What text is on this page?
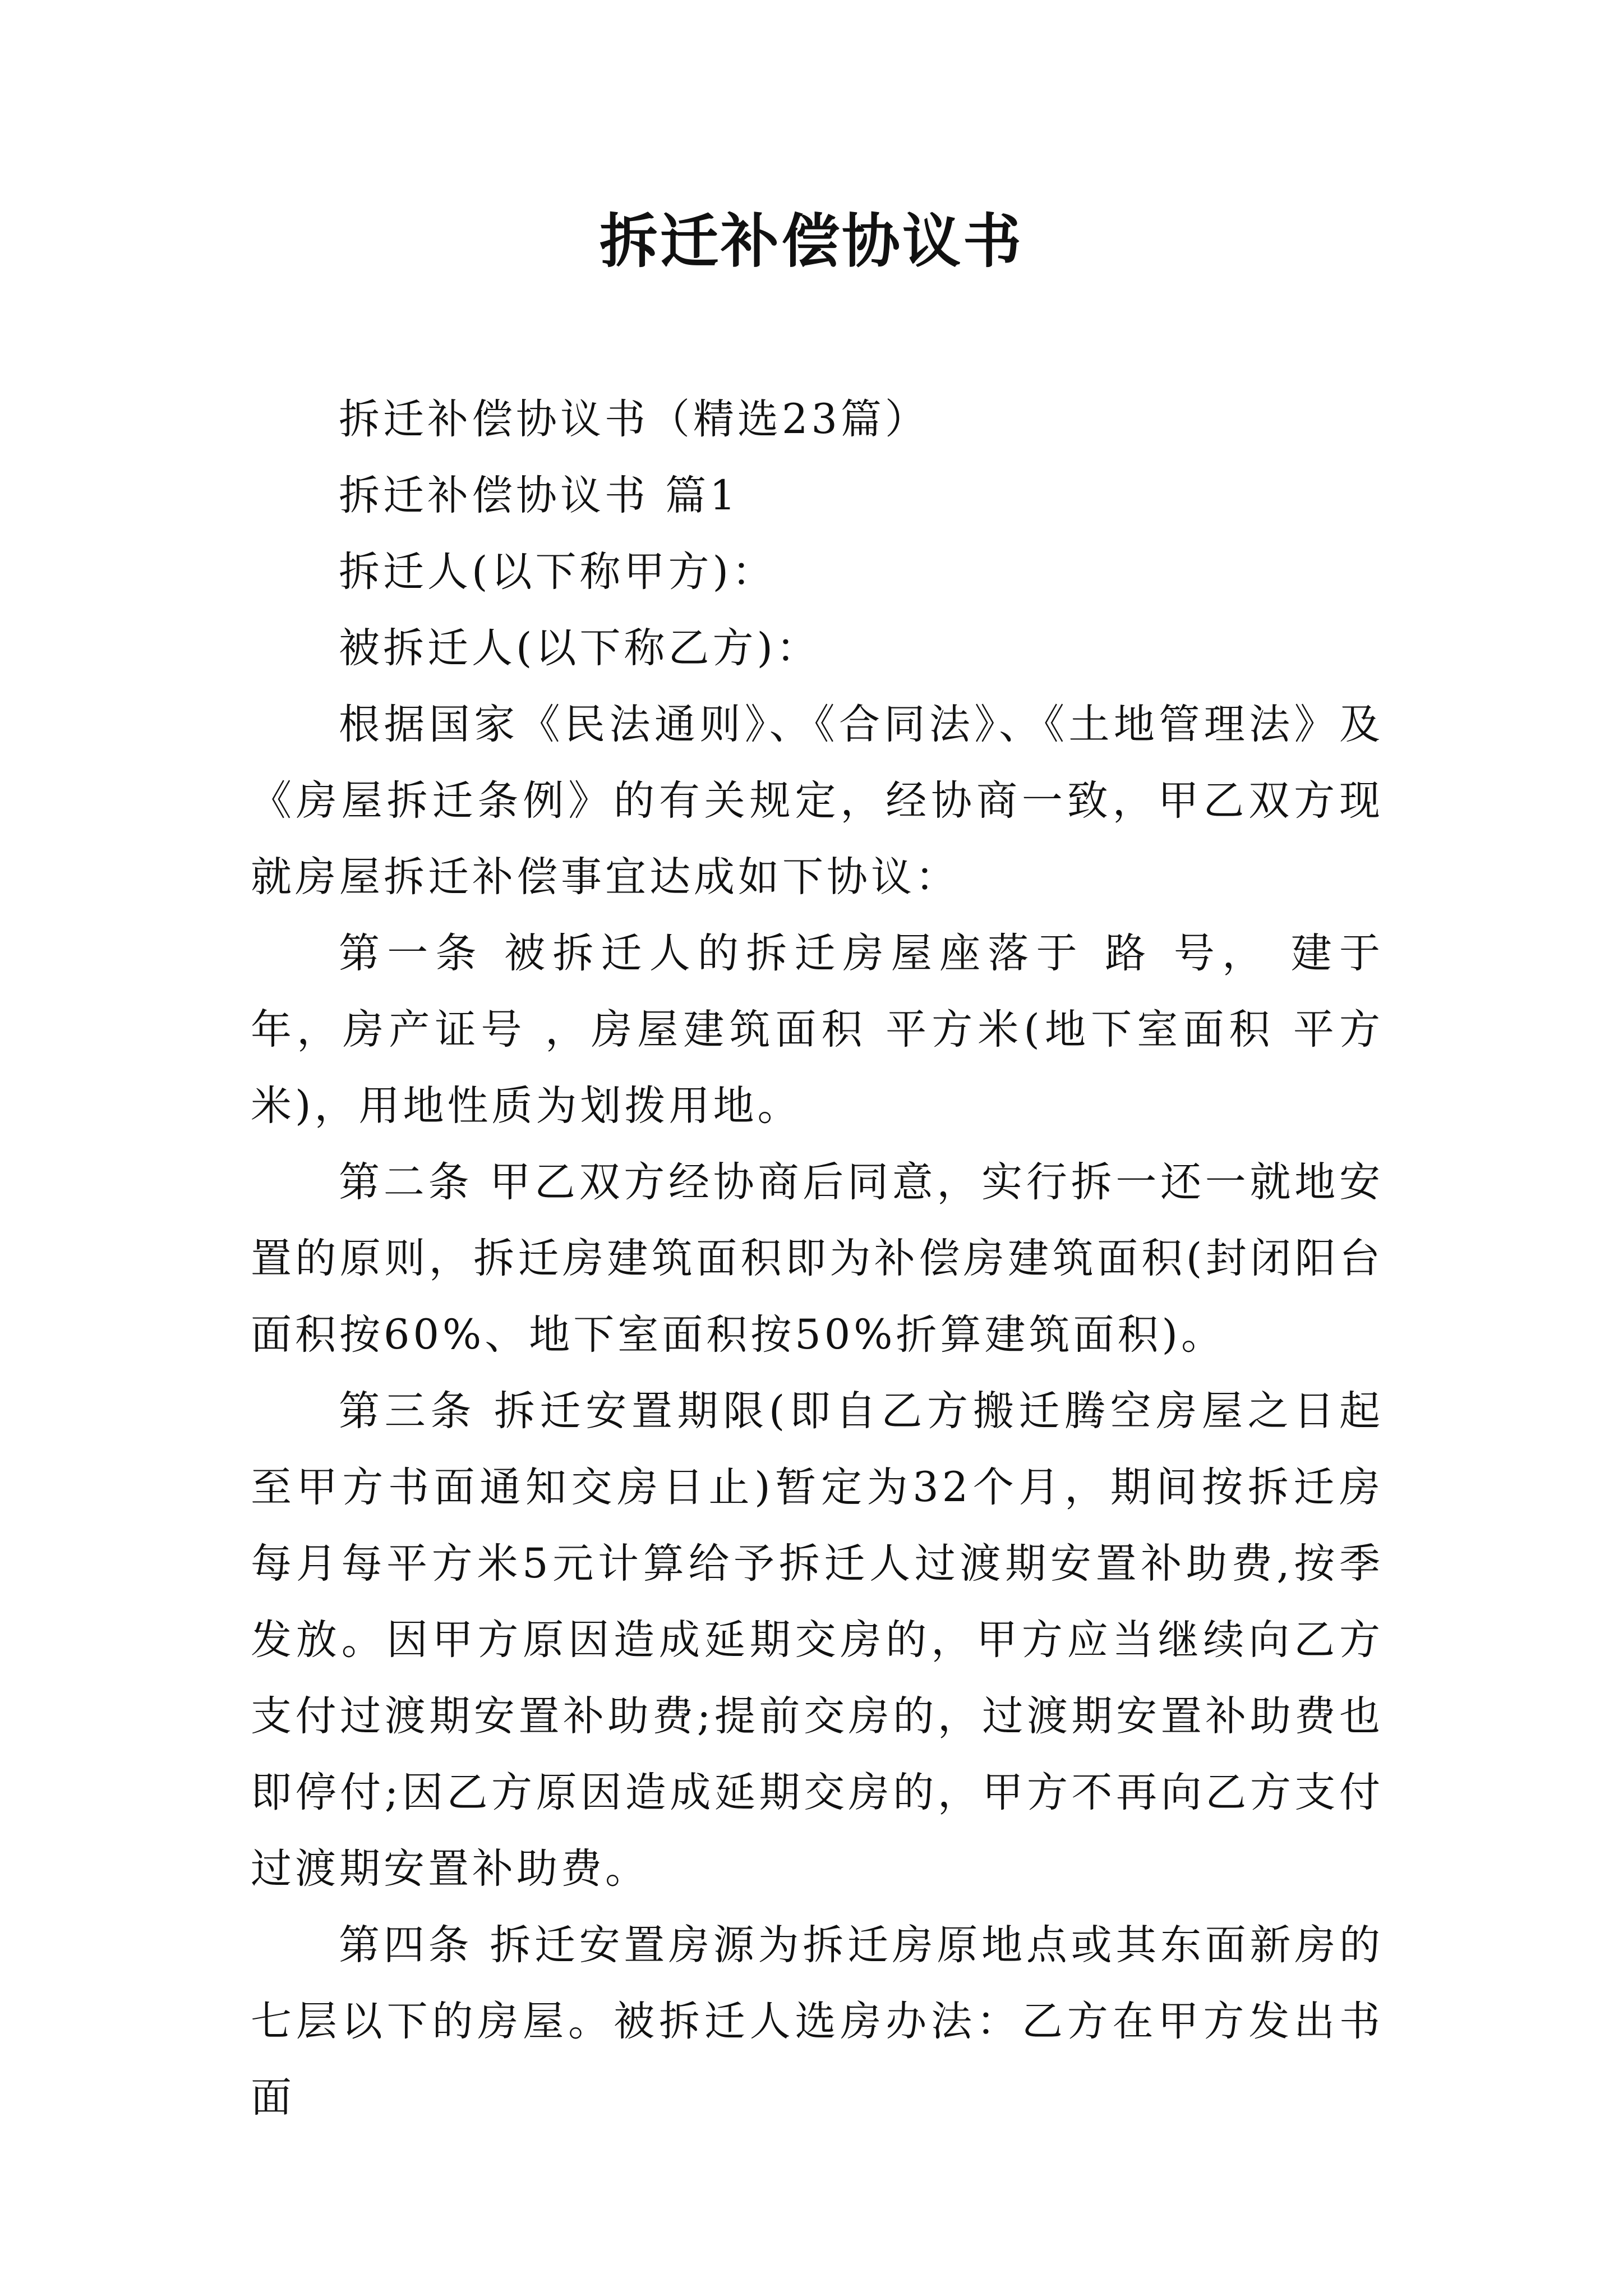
拆迁补偿协议书

拆迁补偿协议书（精选23篇）

拆迁补偿协议书 篇1

拆迁人(以下称甲方)：

被拆迁人(以下称乙方)：

根据国家《民法通则》、《合同法》、《土地管理法》及《房屋拆迁条例》的有关规定，经协商一致，甲乙双方现就房屋拆迁补偿事宜达成如下协议：

第一条 被拆迁人的拆迁房屋座落于 路 号， 建于 年，房产证号 ，房屋建筑面积 平方米(地下室面积 平方米)，用地性质为划拨用地。

第二条 甲乙双方经协商后同意，实行拆一还一就地安置的原则，拆迁房建筑面积即为补偿房建筑面积(封闭阳台面积按60%、地下室面积按50%折算建筑面积)。

第三条 拆迁安置期限(即自乙方搬迁腾空房屋之日起至甲方书面通知交房日止)暂定为32个月，期间按拆迁房每月每平方米5元计算给予拆迁人过渡期安置补助费,按季发放。因甲方原因造成延期交房的，甲方应当继续向乙方支付过渡期安置补助费;提前交房的，过渡期安置补助费也即停付;因乙方原因造成延期交房的，甲方不再向乙方支付过渡期安置补助费。

第四条 拆迁安置房源为拆迁房原地点或其东面新房的七层以下的房屋。被拆迁人选房办法：乙方在甲方发出书面
